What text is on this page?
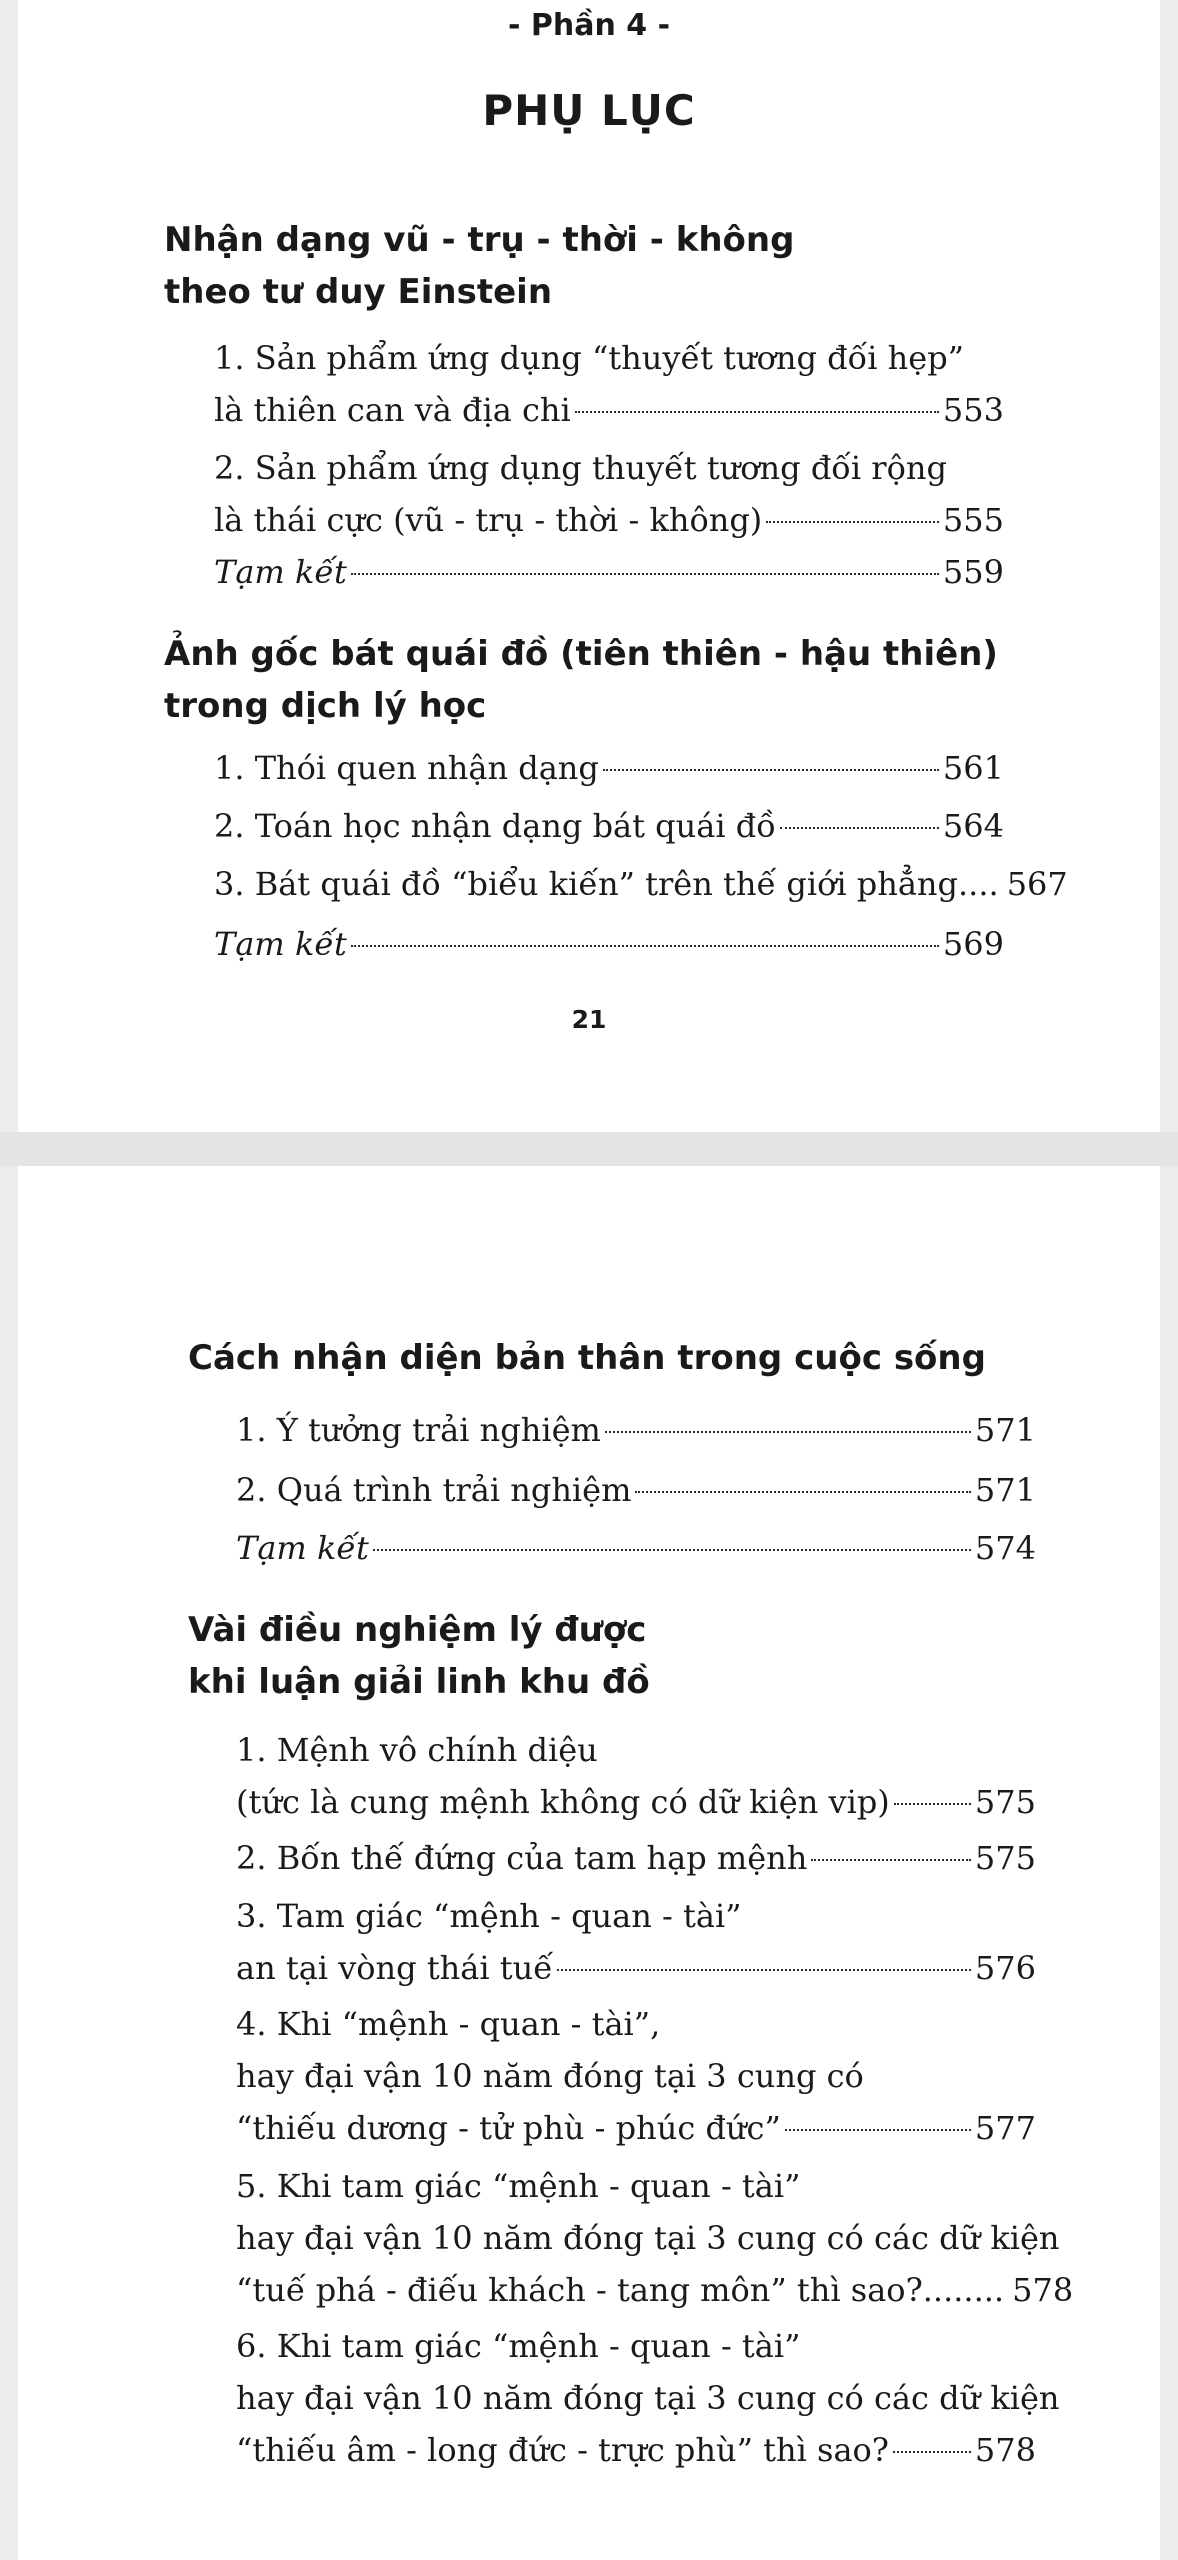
- Phần 4 -
PHỤ LỤC
Nhận dạng vũ - trụ - thời - không
theo tư duy Einstein
1. Sản phẩm ứng dụng “thuyết tương đối hẹp”
là thiên can và địa chi	553
2. Sản phẩm ứng dụng thuyết tương đối rộng
là thái cực (vũ - trụ - thời - không)	555
Tạm kết	559
Ảnh gốc bát quái đồ (tiên thiên - hậu thiên)
trong dịch lý học
1. Thói quen nhận dạng	561
2. Toán học nhận dạng bát quái đồ	564
3. Bát quái đồ “biểu kiến” trên thế giới phẳng.... 567
Tạm kết	569
21
Cách nhận diện bản thân trong cuộc sống
1. Ý tưởng trải nghiệm	571
2. Quá trình trải nghiệm	571
Tạm kết	574
Vài điều nghiệm lý được
khi luận giải linh khu đồ
1. Mệnh vô chính diệu
(tức là cung mệnh không có dữ kiện vip)	575
2. Bốn thế đứng của tam hạp mệnh	575
3. Tam giác “mệnh - quan - tài”
an tại vòng thái tuế	576
4. Khi “mệnh - quan - tài”,
hay đại vận 10 năm đóng tại 3 cung có
“thiếu dương - tử phù - phúc đức”	577
5. Khi tam giác “mệnh - quan - tài”
hay đại vận 10 năm đóng tại 3 cung có các dữ kiện
“tuế phá - điếu khách - tang môn” thì sao?........ 578
6. Khi tam giác “mệnh - quan - tài”
hay đại vận 10 năm đóng tại 3 cung có các dữ kiện
“thiếu âm - long đức - trực phù” thì sao?	578
